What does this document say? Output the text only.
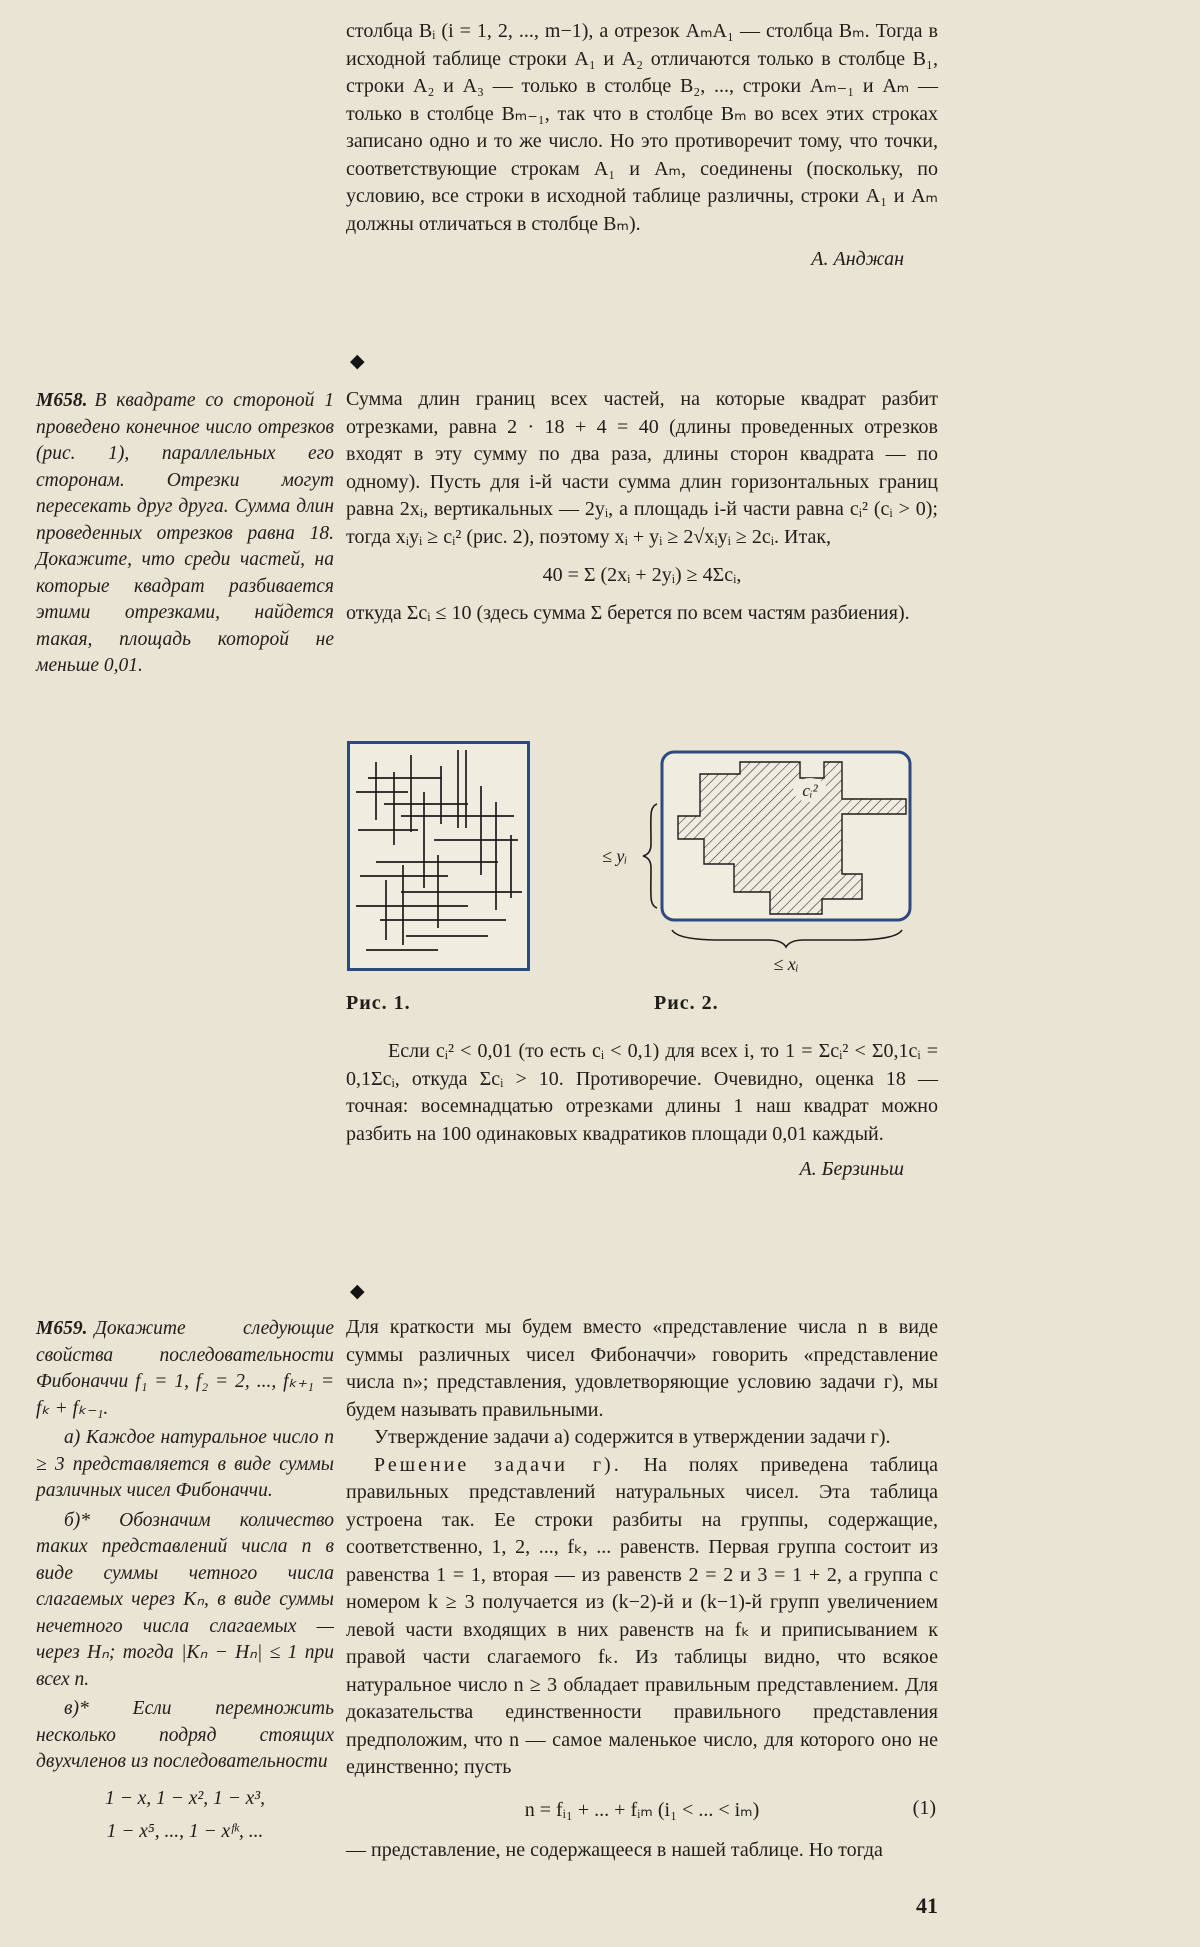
столбца Bᵢ (i = 1, 2, ..., m−1), а отрезок AₘA₁ — столбца Bₘ. Тогда в исходной таблице строки A₁ и A₂ отличаются только в столбце B₁, строки A₂ и A₃ — только в столбце B₂, ..., строки Aₘ₋₁ и Aₘ — только в столбце Bₘ₋₁, так что в столбце Bₘ во всех этих строках записано одно и то же число. Но это противоречит тому, что точки, соответствующие строкам A₁ и Aₘ, соединены (поскольку, по условию, все строки в исходной таблице различны, строки A₁ и Aₘ должны отличаться в столбце Bₘ).

А. Анджан

◆

М658. В квадрате со стороной 1 проведено конечное число отрезков (рис. 1), параллельных его сторонам. Отрезки могут пересекать друг друга. Сумма длин проведенных отрезков равна 18. Докажите, что среди частей, на которые квадрат разбивается этими отрезками, найдется такая, площадь которой не меньше 0,01.

Сумма длин границ всех частей, на которые квадрат разбит отрезками, равна 2 · 18 + 4 = 40 (длины проведенных отрезков входят в эту сумму по два раза, длины сторон квадрата — по одному). Пусть для i-й части сумма длин горизонтальных границ равна 2xᵢ, вертикальных — 2yᵢ, а площадь i-й части равна cᵢ² (cᵢ > 0); тогда xᵢyᵢ ≥ cᵢ² (рис. 2), поэтому xᵢ + yᵢ ≥ 2√xᵢyᵢ ≥ 2cᵢ. Итак,

40 = Σ (2xᵢ + 2yᵢ) ≥ 4Σcᵢ,

откуда Σcᵢ ≤ 10 (здесь сумма Σ берется по всем частям разбиения).

cᵢ²
≤ yᵢ
≤ xᵢ
Рис. 1.	Рис. 2.

Если cᵢ² < 0,01 (то есть cᵢ < 0,1) для всех i, то 1 = Σcᵢ² < Σ0,1cᵢ = 0,1Σcᵢ, откуда Σcᵢ > 10. Противоречие. Очевидно, оценка 18 — точная: восемнадцатью отрезками длины 1 наш квадрат можно разбить на 100 одинаковых квадратиков площади 0,01 каждый.

А. Берзиньш

◆

М659. Докажите следующие свойства последовательности Фибоначчи f₁ = 1, f₂ = 2, ..., fₖ₊₁ = fₖ + fₖ₋₁.

а) Каждое натуральное число n ≥ 3 представляется в виде суммы различных чисел Фибоначчи.

б)* Обозначим количество таких представлений числа n в виде суммы четного числа слагаемых через Kₙ, в виде суммы нечетного числа слагаемых — через Hₙ; тогда |Kₙ − Hₙ| ≤ 1 при всех n.

в)* Если перемножить несколько подряд стоящих двухчленов из последовательности

1 − x, 1 − x², 1 − x³,

1 − x⁵, ..., 1 − xᶠᵏ, ...

Для краткости мы будем вместо «представление числа n в виде суммы различных чисел Фибоначчи» говорить «представление числа n»; представления, удовлетворяющие условию задачи г), мы будем называть правильными.

Утверждение задачи а) содержится в утверждении задачи г).

Решение задачи г). На полях приведена таблица правильных представлений натуральных чисел. Эта таблица устроена так. Ее строки разбиты на группы, содержащие, соответственно, 1, 2, ..., fₖ, ... равенств. Первая группа состоит из равенства 1 = 1, вторая — из равенств 2 = 2 и 3 = 1 + 2, а группа с номером k ≥ 3 получается из (k−2)-й и (k−1)-й групп увеличением левой части входящих в них равенств на fₖ и приписыванием к правой части слагаемого fₖ. Из таблицы видно, что всякое натуральное число n ≥ 3 обладает правильным представлением. Для доказательства единственности правильного представления предположим, что n — самое маленькое число, для которого оно не единственно; пусть

n = fᵢ₁ + ... + fᵢₘ (i₁ < ... < iₘ)	(1)

— представление, не содержащееся в нашей таблице. Но тогда

41
